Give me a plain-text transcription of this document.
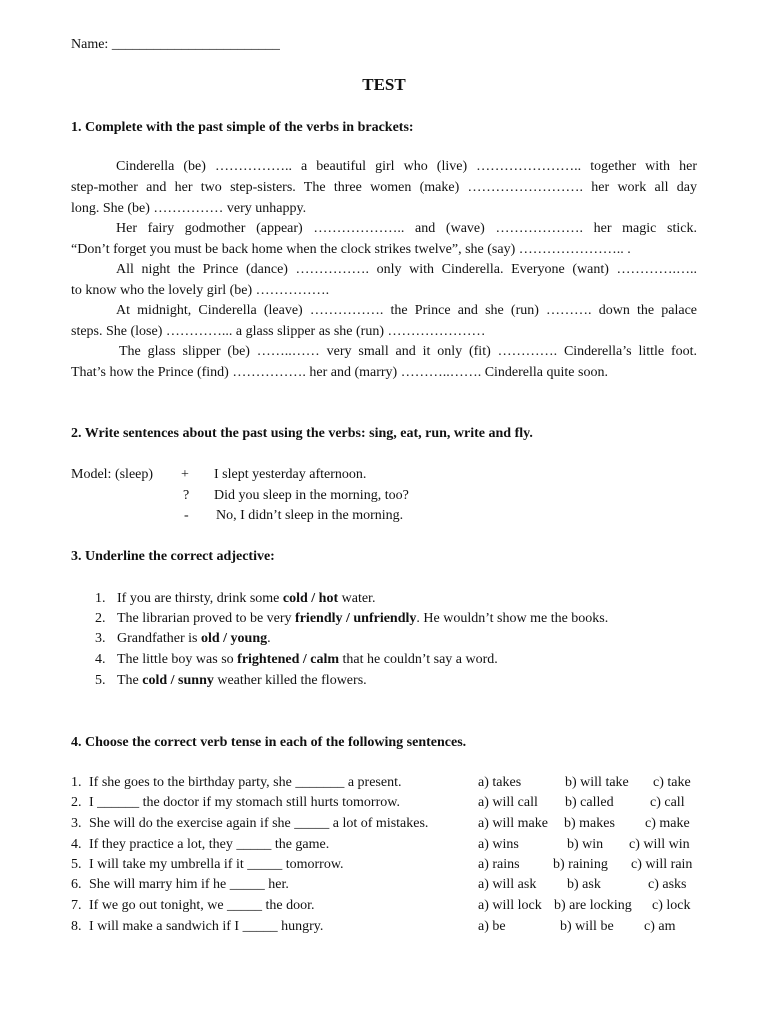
Name: ________________________
TEST
1. Complete with the past simple of the verbs in brackets:
Cinderella (be) …………….. a beautiful girl who (live) ………………….. together with her
step-mother and her two step-sisters. The three women (make) ……………………. her work all day
long. She (be) …………… very unhappy.
Her fairy godmother (appear) ……………….. and (wave) ………………. her magic stick.
“Don’t forget you must be back home when the clock strikes twelve”, she (say) ………………….. .
All night the Prince (dance) ……………. only with Cinderella. Everyone (want) ………….…..
to know who the lovely girl (be) …………….
At midnight, Cinderella (leave) ……………. the Prince and she (run) ………. down the palace
steps. She (lose) …………... a glass slipper as she (run) …………………
The glass slipper (be) ……..…… very small and it only (fit) …………. Cinderella’s little foot.
That’s how the Prince (find) ……………. her and (marry) ………..……. Cinderella quite soon.
2. Write sentences about the past using the verbs: sing, eat, run, write and fly.
Model: (sleep) + I slept yesterday afternoon.
? Did you sleep in the morning, too?
- No, I didn’t sleep in the morning.
3. Underline the correct adjective:
1. If you are thirsty, drink some cold / hot water.
2. The librarian proved to be very friendly / unfriendly. He wouldn’t show me the books.
3. Grandfather is old / young.
4. The little boy was so frightened / calm that he couldn’t say a word.
5. The cold / sunny weather killed the flowers.
4. Choose the correct verb tense in each of the following sentences.
1. If she goes to the birthday party, she _______ a present.	a) takes	b) will take c) take
2. I ______ the doctor if my stomach still hurts tomorrow.	a) will call b) called	c) call
3. She will do the exercise again if she _____ a lot of mistakes.	a) will make b) makes c) make
4. If they practice a lot, they _____ the game.	a) wins	b) win c) will win
5. I will take my umbrella if it _____ tomorrow.	a) rains b) raining c) will rain
6. She will marry him if he _____ her.	a) will ask b) ask	c) asks
7. If we go out tonight, we _____ the door.	a) will lock b) are locking c) lock
8. I will make a sandwich if I _____ hungry.	a) be	b) will be c) am
